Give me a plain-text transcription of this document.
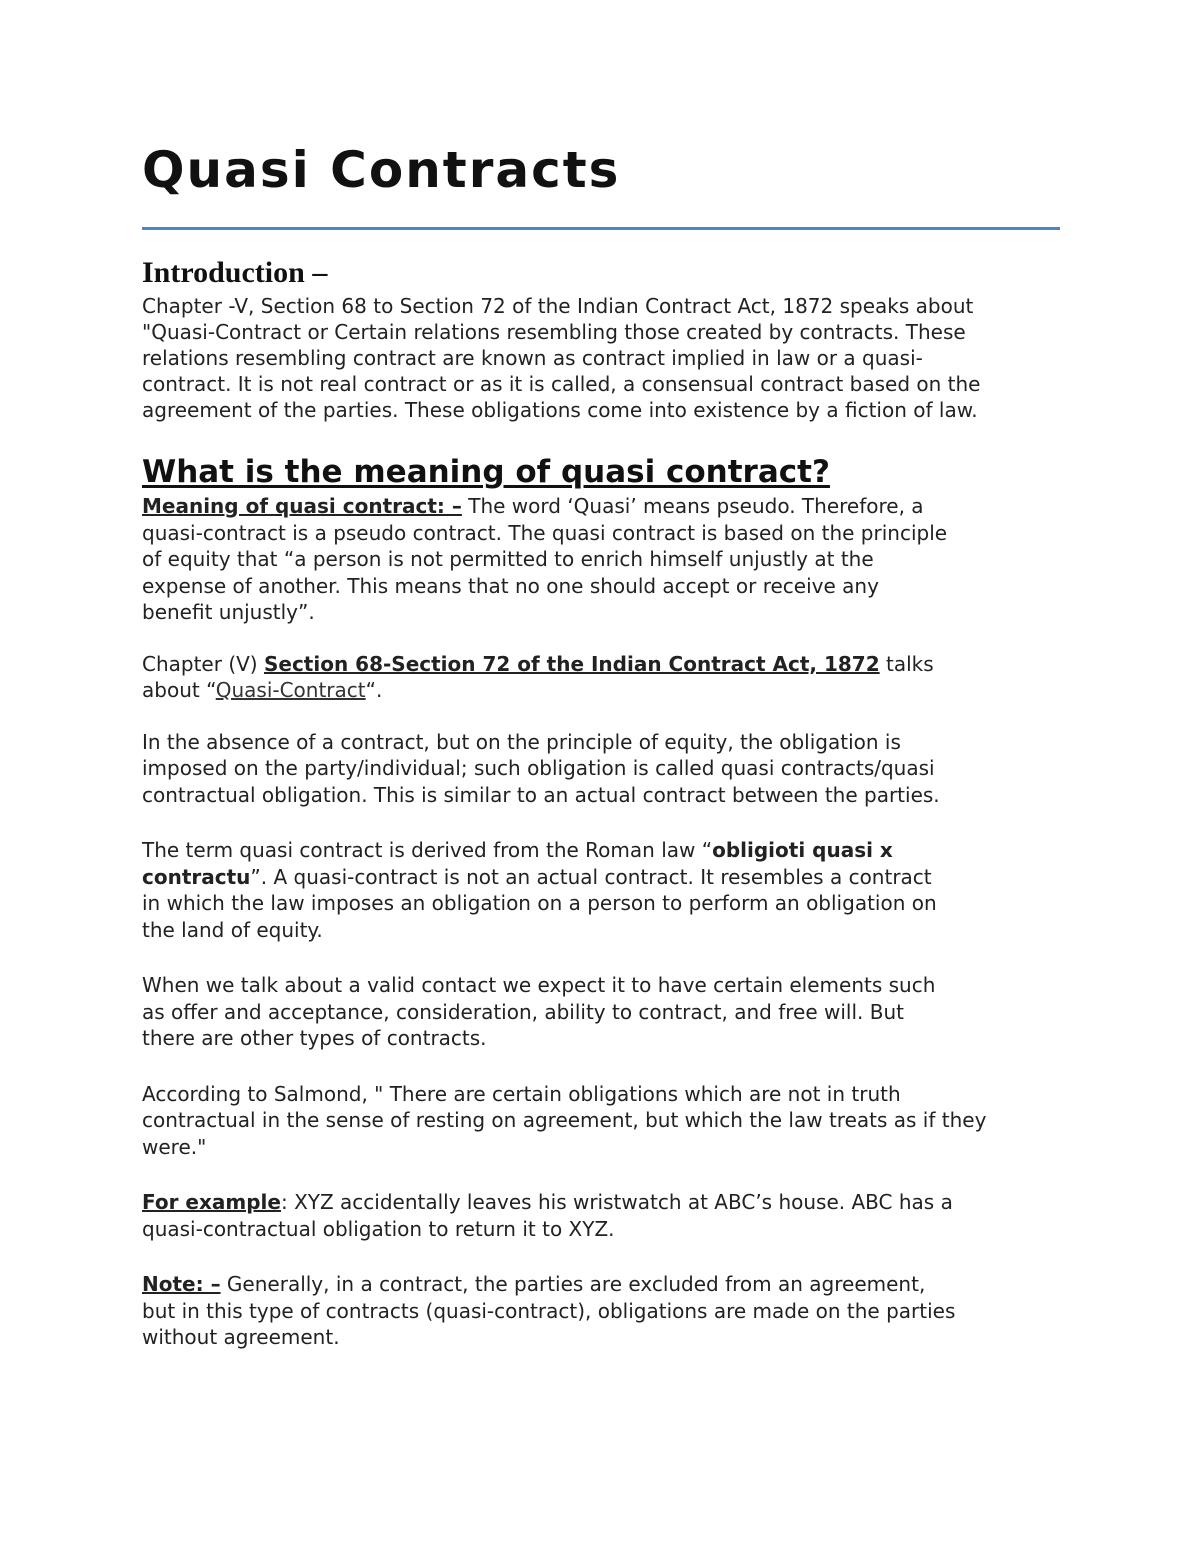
Quasi Contracts
Introduction –

Chapter -V, Section 68 to Section 72 of the Indian Contract Act, 1872 speaks about
"Quasi-Contract or Certain relations resembling those created by contracts. These
relations resembling contract are known as contract implied in law or a quasi-
contract. It is not real contract or as it is called, a consensual contract based on the
agreement of the parties. These obligations come into existence by a fiction of law.

What is the meaning of quasi contract?

Meaning of quasi contract: – The word ‘Quasi’ means pseudo. Therefore, a
quasi-contract is a pseudo contract. The quasi contract is based on the principle
of equity that “a person is not permitted to enrich himself unjustly at the
expense of another. This means that no one should accept or receive any
benefit unjustly”.

Chapter (V) Section 68-Section 72 of the Indian Contract Act, 1872 talks
about “Quasi-Contract“.

In the absence of a contract, but on the principle of equity, the obligation is
imposed on the party/individual; such obligation is called quasi contracts/quasi
contractual obligation. This is similar to an actual contract between the parties.

The term quasi contract is derived from the Roman law “obligioti quasi x
contractu”. A quasi-contract is not an actual contract. It resembles a contract
in which the law imposes an obligation on a person to perform an obligation on
the land of equity.

When we talk about a valid contact we expect it to have certain elements such
as offer and acceptance, consideration, ability to contract, and free will. But
there are other types of contracts.

According to Salmond, " There are certain obligations which are not in truth
contractual in the sense of resting on agreement, but which the law treats as if they
were."

For example: XYZ accidentally leaves his wristwatch at ABC’s house. ABC has a
quasi-contractual obligation to return it to XYZ.

Note: – Generally, in a contract, the parties are excluded from an agreement,
but in this type of contracts (quasi-contract), obligations are made on the parties
without agreement.
